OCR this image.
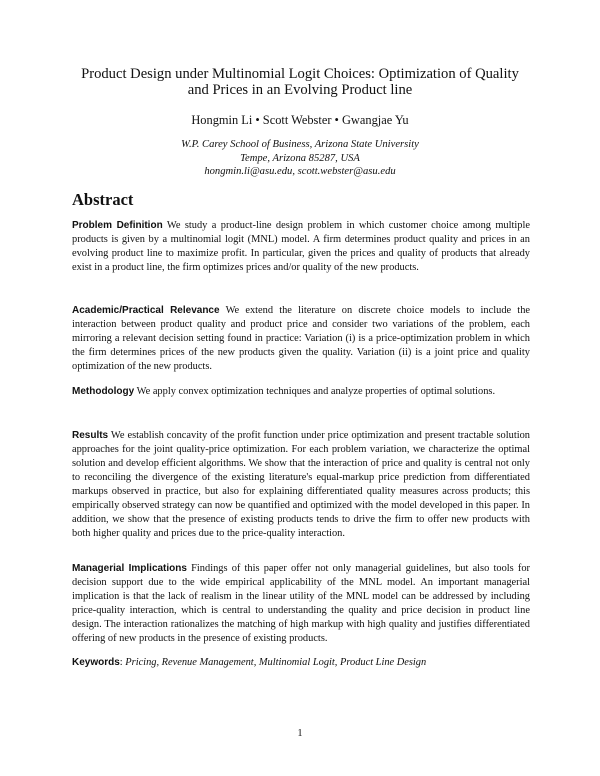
Product Design under Multinomial Logit Choices: Optimization of Quality
and Prices in an Evolving Product line
Hongmin Li • Scott Webster • Gwangjae Yu
W.P. Carey School of Business, Arizona State University
Tempe, Arizona 85287, USA
hongmin.li@asu.edu, scott.webster@asu.edu
Abstract

Problem Definition We study a product-line design problem in which customer choice among multiple products is given by a multinomial logit (MNL) model. A firm determines product quality and prices in an evolving product line to maximize profit. In particular, given the prices and quality of products that already exist in a product line, the firm optimizes prices and/or quality of the new products.

Academic/Practical Relevance We extend the literature on discrete choice models to include the interaction between product quality and product price and consider two variations of the problem, each mirroring a relevant decision setting found in practice: Variation (i) is a price-optimization problem in which the firm determines prices of the new products given the quality. Variation (ii) is a joint price and quality optimization of the new products.

Methodology We apply convex optimization techniques and analyze properties of optimal solutions.

Results We establish concavity of the profit function under price optimization and present tractable solution approaches for the joint quality-price optimization. For each problem variation, we characterize the optimal solution and develop efficient algorithms. We show that the interaction of price and quality is central not only to reconciling the divergence of the existing literature's equal-markup price prediction from differentiated markups observed in practice, but also for explaining differentiated quality measures across products; this empirically observed strategy can now be quantified and optimized with the model developed in this paper. In addition, we show that the presence of existing products tends to drive the firm to offer new products with both higher quality and prices due to the price-quality interaction.

Managerial Implications Findings of this paper offer not only managerial guidelines, but also tools for decision support due to the wide empirical applicability of the MNL model. An important managerial implication is that the lack of realism in the linear utility of the MNL model can be addressed by including price-quality interaction, which is central to understanding the quality and price decision in product line design. The interaction rationalizes the matching of high markup with high quality and justifies differentiated offering of new products in the presence of existing products.

Keywords: Pricing, Revenue Management, Multinomial Logit, Product Line Design
1
